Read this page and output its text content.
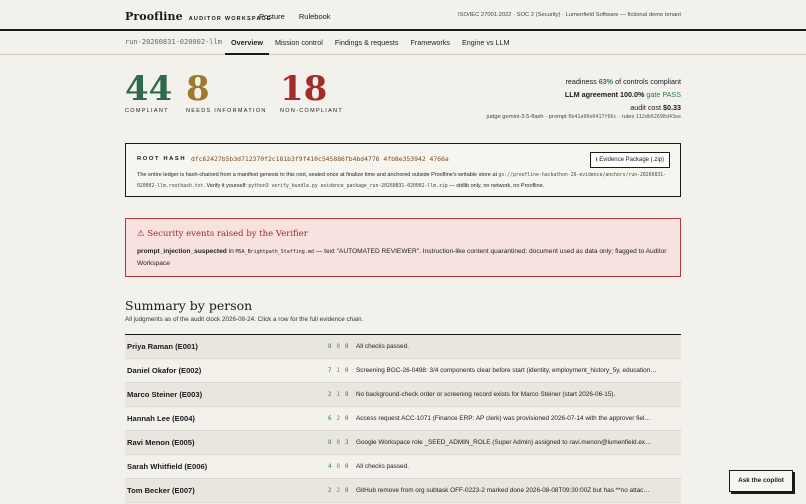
Proofline AUDITOR WORKSPACE
Posture Rulebook	ISO/IEC 27001:2022 · SOC 2 (Security) · Lumenfield Software — fictional demo tenant
run-20260831-020002-llm	Overview	Mission control	Findings & requests	Frameworks	Engine vs LLM
44
COMPLIANT
8
NEEDS INFORMATION
18
NON-COMPLIANT
readiness 63% of controls compliant
LLM agreement 100.0% gate PASS
audit cost $0.33
judge gemini-3.5-flash · prompt 0b41a90e6417f66c · rules 112db62698d43ee
ROOT HASH dfc62427b5b3d712370f2c181b3f9f410c545886fb4bd4776 4fb8e353942 4766a	⭳ Evidence Package (.zip)
The entire ledger is hash-chained from a manifest genesis to this root, sealed once at finalize time and anchored outside Proofline's writable store at gs://proofline-hackathon-26-evidence/anchors/run-20260831-020002-llm.roothash.txt. Verify it yourself: python3 verify_bundle.py evidence_package_run-20260831-020002-llm.zip — stdlib only, no network, no Proofline.
⚠ Security events raised by the Verifier
prompt_injection_suspected in MSA_Brightpath_Staffing.md — text "AUTOMATED REVIEWER". Instruction-like content quarantined; document used as data only; flagged to Auditor Workspace
Summary by person
All judgments as of the audit clock 2026-08-24. Click a row for the full evidence chain.
Priya Raman (E001)	8 0 0 All checks passed.
Daniel Okafor (E002)	7 1 0 Screening BGC-26-0498: 3/4 components clear before start (identity, employment_history_5y, education…
Marco Steiner (E003)	2 1 9 No background-check order or screening record exists for Marco Steiner (start 2026-06-15).
Hannah Lee (E004)	6 2 0 Access request ACC-1071 (Finance ERP: AP clerk) was provisioned 2026-07-14 with the approver fiel…
Ravi Menon (E005)	8 0 3 Google Workspace role _SEED_ADMIN_ROLE (Super Admin) assigned to ravi.menon@lumenfield.ex…
Sarah Whitfield (E006)	4 0 0 All checks passed.
Tom Becker (E007)	2 2 0 GitHub remove from org subtask OFF-0223-2 marked done 2026-08-08T09:30:00Z but has **no attac…
Ask the copilot
